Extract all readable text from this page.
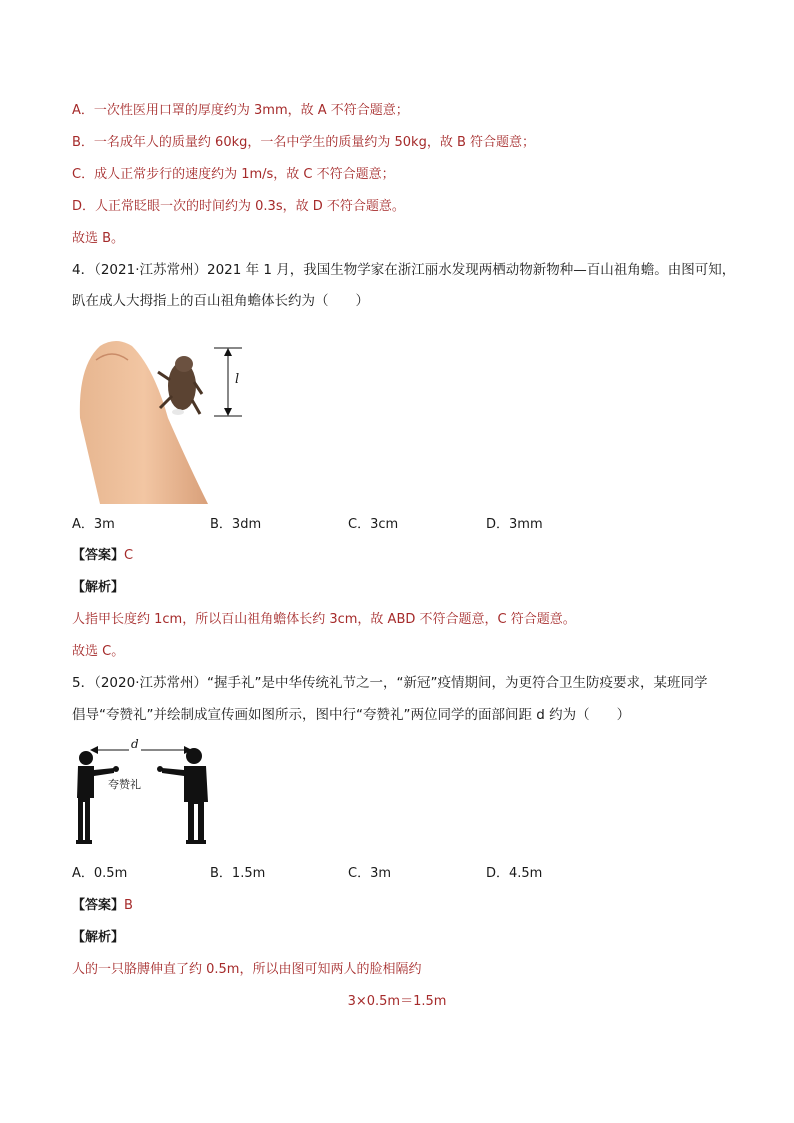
A．一次性医用口罩的厚度约为 3mm，故 A 不符合题意；
B．一名成年人的质量约 60kg，一名中学生的质量约为 50kg，故 B 符合题意；
C．成人正常步行的速度约为 1m/s，故 C 不符合题意；
D．人正常眨眼一次的时间约为 0.3s，故 D 不符合题意。
故选 B。
4．（2021·江苏常州）2021 年 1 月，我国生物学家在浙江丽水发现两栖动物新物种—百山祖角蟾。由图可知，
趴在成人大拇指上的百山祖角蟾体长约为（　　）
l
A．3m	B．3dm	C．3cm	D．3mm
【答案】C
【解析】
人指甲长度约 1cm，所以百山祖角蟾体长约 3cm，故 ABD 不符合题意，C 符合题意。
故选 C。
5．（2020·江苏常州）“握手礼”是中华传统礼节之一，“新冠”疫情期间，为更符合卫生防疫要求，某班同学
倡导“夸赞礼”并绘制成宣传画如图所示，图中行“夸赞礼”两位同学的面部间距 d 约为（　　）
d
夸赞礼
A．0.5m	B．1.5m	C．3m	D．4.5m
【答案】B
【解析】
人的一只胳膊伸直了约 0.5m，所以由图可知两人的脸相隔约
3×0.5m＝1.5m
